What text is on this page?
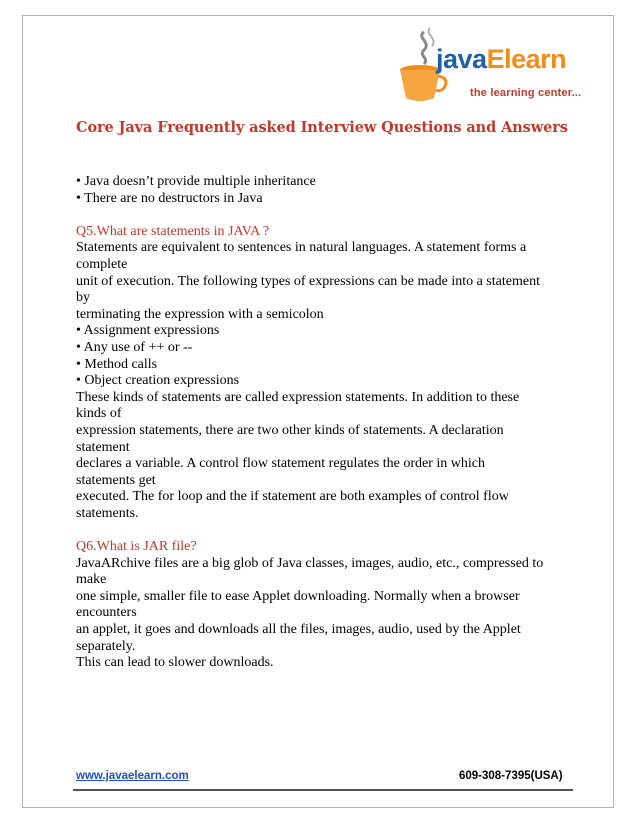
javaElearn
the learning center...
Core Java Frequently asked Interview Questions and Answers
• Java doesn’t provide multiple inheritance
• There are no destructors in Java
Q5.What are statements in JAVA ?
Statements are equivalent to sentences in natural languages. A statement forms a
complete
unit of execution. The following types of expressions can be made into a statement
by
terminating the expression with a semicolon
• Assignment expressions
• Any use of ++ or --
• Method calls
• Object creation expressions
These kinds of statements are called expression statements. In addition to these
kinds of
expression statements, there are two other kinds of statements. A declaration
statement
declares a variable. A control flow statement regulates the order in which
statements get
executed. The for loop and the if statement are both examples of control flow
statements.
Q6.What is JAR file?
JavaARchive files are a big glob of Java classes, images, audio, etc., compressed to
make
one simple, smaller file to ease Applet downloading. Normally when a browser
encounters
an applet, it goes and downloads all the files, images, audio, used by the Applet
separately.
This can lead to slower downloads.
www.javaelearn.com	609-308-7395(USA)
